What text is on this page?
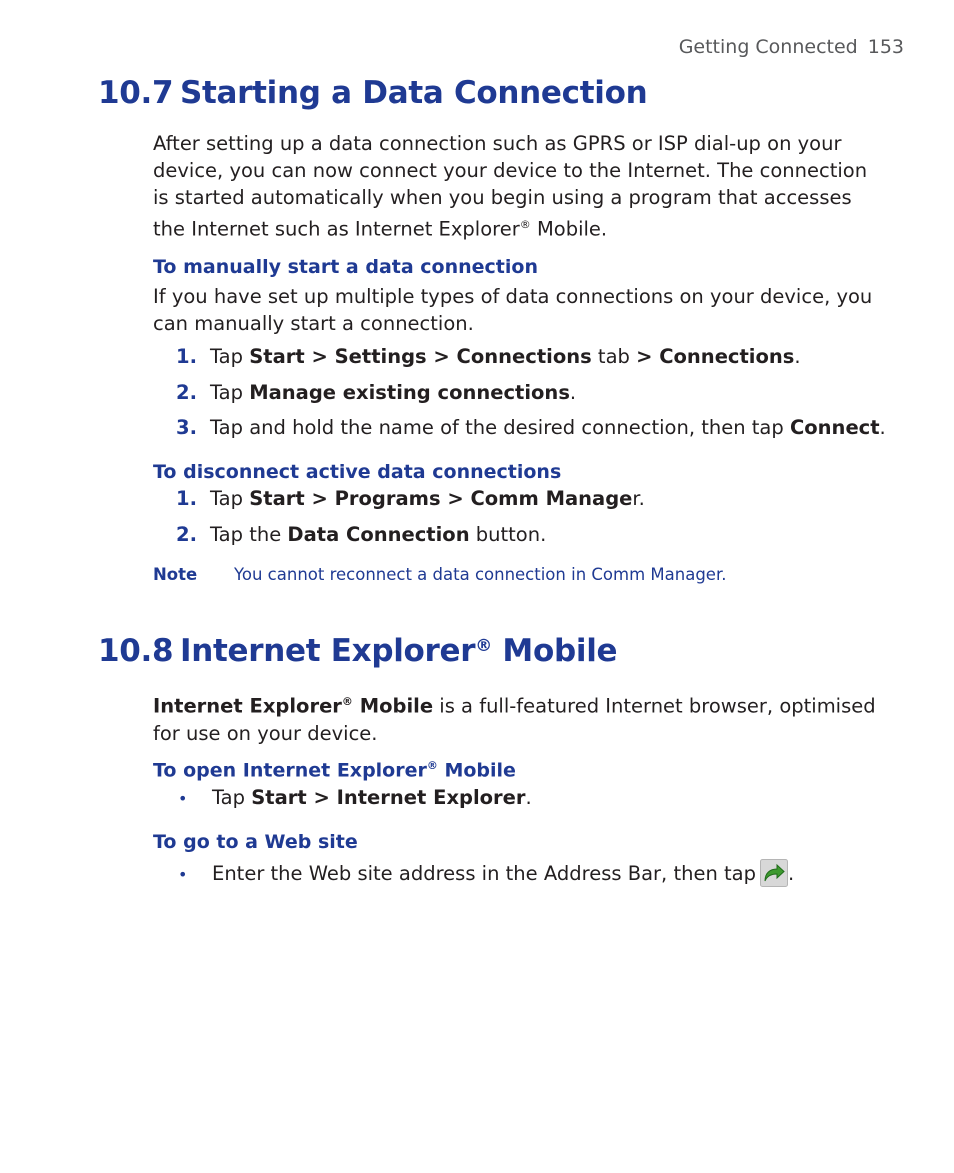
Getting Connected 153
10.7 Starting a Data Connection
After setting up a data connection such as GPRS or ISP dial-up on your device, you can now connect your device to the Internet. The connection is started automatically when you begin using a program that accesses the Internet such as Internet Explorer® Mobile.
To manually start a data connection
If you have set up multiple types of data connections on your device, you can manually start a connection.
1. Tap Start > Settings > Connections tab > Connections.
2. Tap Manage existing connections.
3. Tap and hold the name of the desired connection, then tap Connect.
To disconnect active data connections
1. Tap Start > Programs > Comm Manager.
2. Tap the Data Connection button.
Note You cannot reconnect a data connection in Comm Manager.
10.8 Internet Explorer® Mobile
Internet Explorer® Mobile is a full-featured Internet browser, optimised for use on your device.
To open Internet Explorer® Mobile
• Tap Start > Internet Explorer.
To go to a Web site
• Enter the Web site address in the Address Bar, then tap .
